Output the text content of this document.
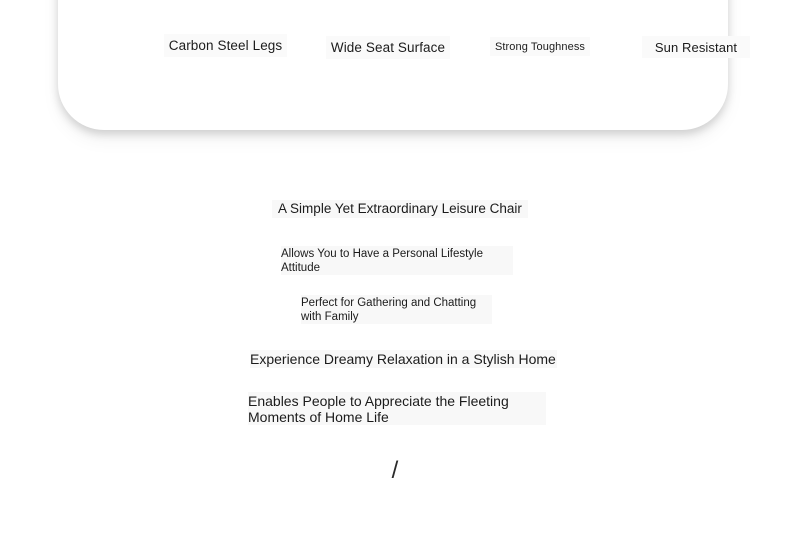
Carbon Steel Legs	Wide Seat Surface	Strong Toughness	Sun Resistant
A Simple Yet Extraordinary Leisure Chair
Allows You to Have a Personal Lifestyle Attitude
Perfect for Gathering and Chatting with Family
Experience Dreamy Relaxation in a Stylish Home
Enables People to Appreciate the Fleeting Moments of Home Life
/
